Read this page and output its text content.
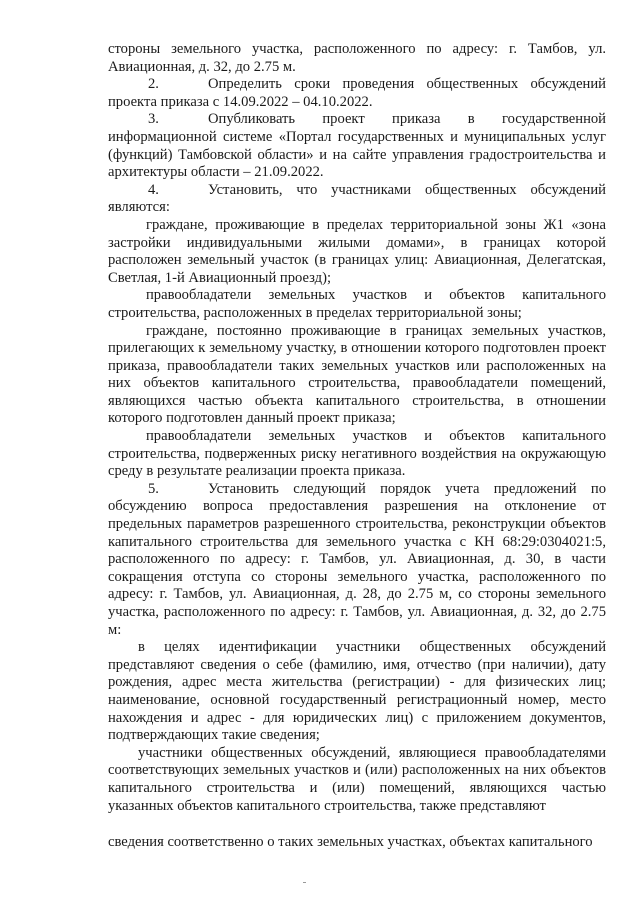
стороны земельного участка, расположенного по адресу: г. Тамбов, ул. Авиационная, д. 32, до 2.75 м.

2.	Определить сроки проведения общественных обсуждений проекта приказа с 14.09.2022 – 04.10.2022.

3.	Опубликовать проект приказа в государственной информационной системе «Портал государственных и муниципальных услуг (функций) Тамбовской области» и на сайте управления градостроительства и архитектуры области – 21.09.2022.

4.	Установить, что участниками общественных обсуждений являются:

граждане, проживающие в пределах территориальной зоны Ж1 «зона застройки индивидуальными жилыми домами», в границах которой расположен земельный участок (в границах улиц: Авиационная, Делегатская, Светлая, 1-й Авиационный проезд);

правообладатели земельных участков и объектов капитального строительства, расположенных в пределах территориальной зоны;

граждане, постоянно проживающие в границах земельных участков, прилегающих к земельному участку, в отношении которого подготовлен проект приказа, правообладатели таких земельных участков или расположенных на них объектов капитального строительства, правообладатели помещений, являющихся частью объекта капитального строительства, в отношении которого подготовлен данный проект приказа;

правообладатели земельных участков и объектов капитального строительства, подверженных риску негативного воздействия на окружающую среду в результате реализации проекта приказа.

5.	Установить следующий порядок учета предложений по обсуждению вопроса предоставления разрешения на отклонение от предельных параметров разрешенного строительства, реконструкции объектов капитального строительства для земельного участка с КН 68:29:0304021:5, расположенного по адресу: г. Тамбов, ул. Авиационная, д. 30, в части сокращения отступа со стороны земельного участка, расположенного по адресу: г. Тамбов, ул. Авиационная, д. 28, до 2.75 м, со стороны земельного участка, расположенного по адресу: г. Тамбов, ул. Авиационная, д. 32, до 2.75 м:

в целях идентификации участники общественных обсуждений представляют сведения о себе (фамилию, имя, отчество (при наличии), дату рождения, адрес места жительства (регистрации) - для физических лиц; наименование, основной государственный регистрационный номер, место нахождения и адрес - для юридических лиц) с приложением документов, подтверждающих такие сведения;

участники общественных обсуждений, являющиеся правообладателями соответствующих земельных участков и (или) расположенных на них объектов капитального строительства и (или) помещений, являющихся частью указанных объектов капитального строительства, также представляют

сведения соответственно о таких земельных участках, объектах капитального
